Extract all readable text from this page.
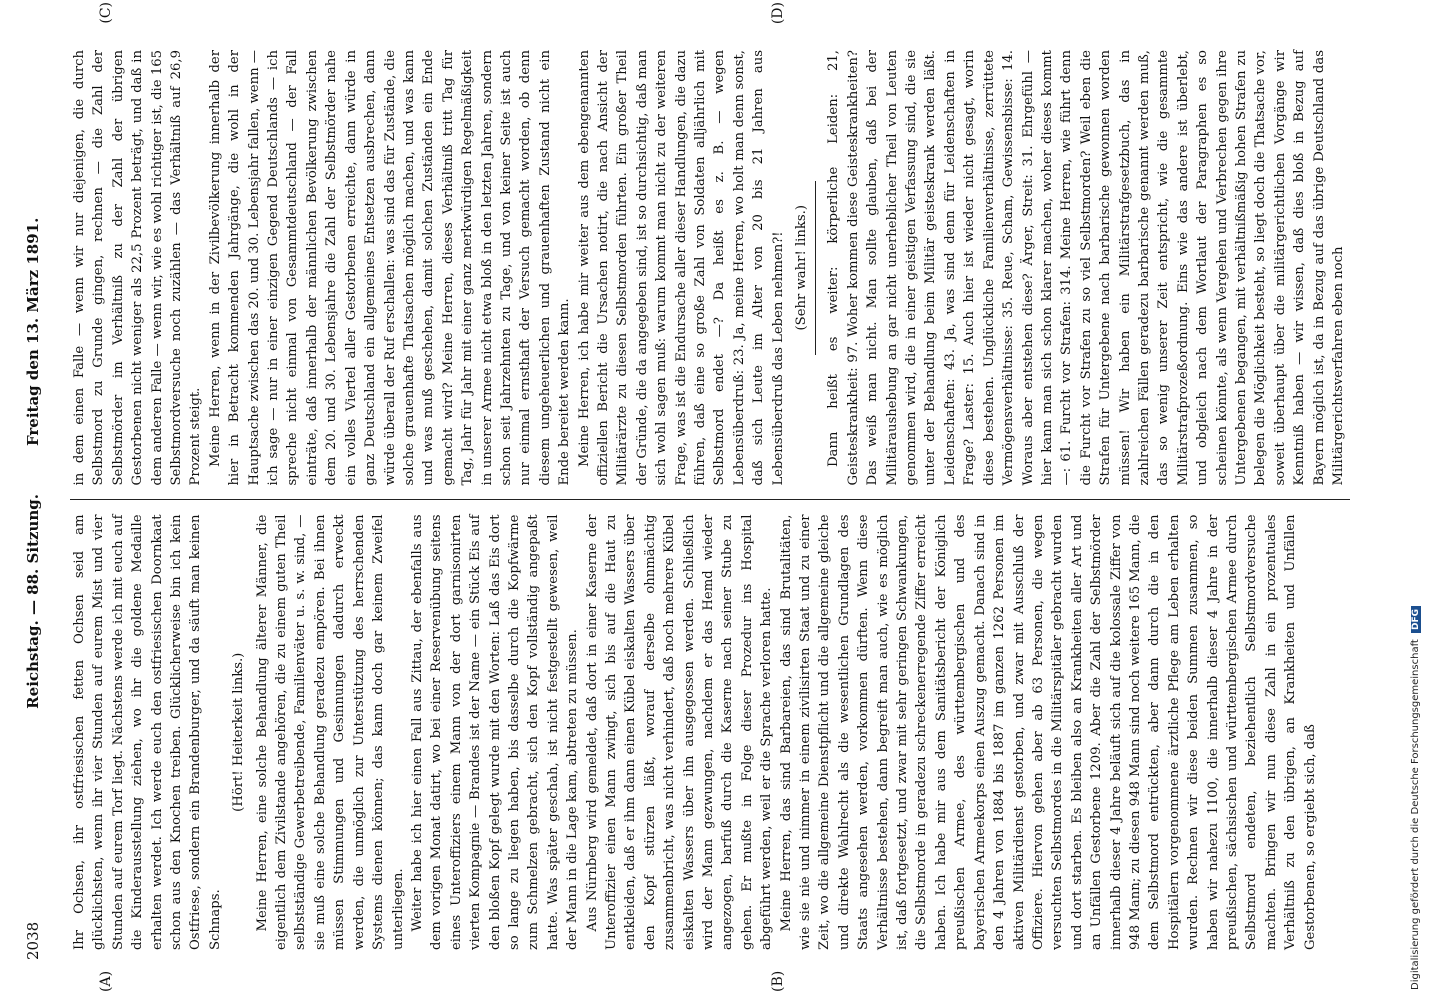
2038
Reichstag. — 88. Sitzung.
Freitag den 13. März 1891.
(A)	(B)
(C)	(D)

Ihr Ochsen, ihr ostfriesischen fetten Ochsen seid am glücklichsten, wenn ihr vier Stunden auf eurem Mist und vier Stunden auf eurem Torf liegt. Nächstens werde ich mit euch auf die Kinderausstellung ziehen, wo ihr die goldene Medaille erhalten werdet. Ich werde euch den ostfriesischen Doornkaat schon aus den Knochen treiben. Glücklicherweise bin ich kein Ostfriese, sondern ein Brandenburger, und da säuft man keinen Schnaps.

(Hört! Heiterkeit links.) Meine Herren, eine solche Behandlung älterer Männer, die eigentlich dem Zivilstande angehören, die zu einem guten Theil selbstständige Gewerbetreibende, Familienväter u. s. w. sind, — sie muß eine solche Behandlung geradezu empören. Bei ihnen müssen Stimmungen und Gesinnungen dadurch erweckt werden, die unmöglich zur Unterstützung des herrschenden Systems dienen können; das kann doch gar keinem Zweifel unterliegen. Weiter habe ich hier einen Fall aus Zittau, der ebenfalls aus dem vorigen Monat datirt, wo bei einer Reservenübung seitens eines Unteroffiziers einem Mann von der dort garnisonirten vierten Kompagnie — Brandes ist der Name — ein Stück Eis auf den bloßen Kopf gelegt wurde mit den Worten: Laß das Eis dort so lange zu liegen haben, bis dasselbe durch die Kopfwärme zum Schmelzen gebracht, sich den Kopf vollständig angepaßt hatte. Was später geschah, ist nicht festgestellt gewesen, weil der Mann in die Lage kam, abtreten zu müssen. Aus Nürnberg wird gemeldet, daß dort in einer Kaserne der Unteroffizier einen Mann zwingt, sich bis auf die Haut zu entkleiden, daß er ihm dann einen Kübel eiskalten Wassers über den Kopf stürzen läßt, worauf derselbe ohnmächtig zusammenbricht, was nicht verhindert, daß noch mehrere Kübel eiskalten Wassers über ihn ausgegossen werden. Schließlich wird der Mann gezwungen, nachdem er das Hemd wieder angezogen, barfuß durch die Kaserne nach seiner Stube zu gehen. Er mußte in Folge dieser Prozedur ins Hospital abgeführt werden, weil er die Sprache verloren hatte. Meine Herren, das sind Barbareien, das sind Brutalitäten, wie sie nie und nimmer in einem zivilisirten Staat und zu einer Zeit, wo die allgemeine Dienstpflicht und die allgemeine gleiche und direkte Wahlrecht als die wesentlichen Grundlagen des Staats angesehen werden, vorkommen dürften. Wenn diese Verhältnisse bestehen, dann begreift man auch, wie es möglich ist, daß fortgesetzt, und zwar mit sehr geringen Schwankungen, die Selbstmorde in geradezu schreckenerregende Ziffer erreicht haben. Ich habe mir aus dem Sanitätsbericht der Königlich preußischen Armee, des württembergischen und des bayerischen Armeekorps einen Auszug gemacht. Danach sind in den 4 Jahren von 1884 bis 1887 im ganzen 1262 Personen im aktiven Militärdienst gestorben, und zwar mit Ausschluß der Offiziere. Hiervon gehen aber ab 63 Personen, die wegen versuchten Selbstmordes in die Militärspitäler gebracht wurden und dort starben. Es bleiben also an Krankheiten aller Art und an Unfällen Gestorbene 1209. Aber die Zahl der Selbstmörder innerhalb dieser 4 Jahre beläuft sich auf die kolossale Ziffer von 948 Mann; zu diesen 948 Mann sind noch weitere 165 Mann, die dem Selbstmord entrückten, aber dann durch die in den Hospitälern vorgenommene ärztliche Pflege am Leben erhalten wurden. Rechnen wir diese beiden Summen zusammen, so haben wir nahezu 1100, die innerhalb dieser 4 Jahre in der preußischen, sächsischen und württembergischen Armee durch Selbstmord endeten, beziehentlich Selbstmordversuche machten. Bringen wir nun diese Zahl in ein prozentuales Verhältniß zu den übrigen, an Krankheiten und Unfällen Gestorbenen, so ergiebt sich, daß

in dem einen Falle — wenn wir nur diejenigen, die durch Selbstmord zu Grunde gingen, rechnen — die Zahl der Selbstmörder im Verhältniß zu der Zahl der übrigen Gestorbenen nicht weniger als 22,5 Prozent beträgt, und daß in dem anderen Falle — wenn wir, wie es wohl richtiger ist, die 165 Selbstmordversuche noch zuzählen — das Verhältniß auf 26,9 Prozent steigt. Meine Herren, wenn in der Zivilbevölkerung innerhalb der hier in Betracht kommenden Jahrgänge, die wohl in der Hauptsache zwischen das 20. und 30. Lebensjahr fallen, wenn — ich sage — nur in einer einzigen Gegend Deutschlands — ich spreche nicht einmal von Gesammtdeutschland — der Fall einträte, daß innerhalb der männlichen Bevölkerung zwischen dem 20. und 30. Lebensjahre die Zahl der Selbstmörder nahe ein volles Viertel aller Gestorbenen erreichte, dann würde in ganz Deutschland ein allgemeines Entsetzen ausbrechen, dann würde überall der Ruf erschallen: was sind das für Zustände, die solche grauenhafte Thatsachen möglich machen, und was kann und was muß geschehen, damit solchen Zuständen ein Ende gemacht wird? Meine Herren, dieses Verhältniß tritt Tag für Tag, Jahr für Jahr mit einer ganz merkwürdigen Regelmäßigkeit in unserer Armee nicht etwa bloß in den letzten Jahren, sondern schon seit Jahrzehnten zu Tage, und von keiner Seite ist auch nur einmal ernsthaft der Versuch gemacht worden, ob denn diesem ungeheuerlichen und grauenhaften Zustand nicht ein Ende bereitet werden kann. Meine Herren, ich habe mir weiter aus dem ebengenannten offiziellen Bericht die Ursachen notirt, die nach Ansicht der Militärärzte zu diesen Selbstmorden führten. Ein großer Theil der Gründe, die da angegeben sind, ist so durchsichtig, daß man sich wohl sagen muß: warum kommt man nicht zu der weiteren Frage, was ist die Endursache aller dieser Handlungen, die dazu führen, daß eine so große Zahl von Soldaten alljährlich mit Selbstmord endet —? Da heißt es z. B. — wegen Lebensüberdruß: 23. Ja, meine Herren, wo holt man denn sonst, daß sich Leute im Alter von 20 bis 21 Jahren aus Lebensüberdruß das Leben nehmen?! (Sehr wahr! links.) Dann heißt es weiter: körperliche Leiden: 21, Geisteskrankheit: 97. Woher kommen diese Geisteskrankheiten? Das weiß man nicht. Man sollte glauben, daß bei der Militäraushebung an gar nicht unerheblicher Theil von Leuten genommen wird, die in einer geistigen Verfassung sind, die sie unter der Behandlung beim Militär geisteskrank werden läßt. Leidenschaften: 43. Ja, was sind denn für Leidenschaften in Frage? Laster: 15. Auch hier ist wieder nicht gesagt, worin diese bestehen. Unglückliche Familienverhältnisse, zerrüttete Vermögensverhältnisse: 35. Reue, Scham, Gewissensbisse: 14. Woraus aber entstehen diese? Ärger, Streit: 31. Ehrgefühl — hier kann man sich schon klarer machen, woher dieses kommt —: 61. Furcht vor Strafen: 314. Meine Herren, wie führt denn die Furcht vor Strafen zu so viel Selbstmorden? Weil eben die Strafen für Untergebene nach barbarische gewonnen worden müssen! Wir haben ein Militärstrafgesetzbuch, das in zahlreichen Fällen geradezu barbarische genannt werden muß, das so wenig unserer Zeit entspricht, wie die gesammte Militärstrafprozeßordnung. Eins wie das andere ist überlebt, und obgleich nach dem Wortlaut der Paragraphen es so scheinen könnte, als wenn Vergehen und Verbrechen gegen ihre Untergebenen begangen, mit verhältnißmäßig hohen Strafen zu belegen die Möglichkeit besteht, so liegt doch die Thatsache vor, soweit überhaupt über die militärgerichtlichen Vorgänge wir Kenntniß haben — wir wissen, daß dies bloß in Bezug auf Bayern möglich ist, da in Bezug auf das übrige Deutschland das Militärgerichtsverfahren eben noch

Digitalisierung gefördert durch die Deutsche Forschungsgemeinschaft DFG
